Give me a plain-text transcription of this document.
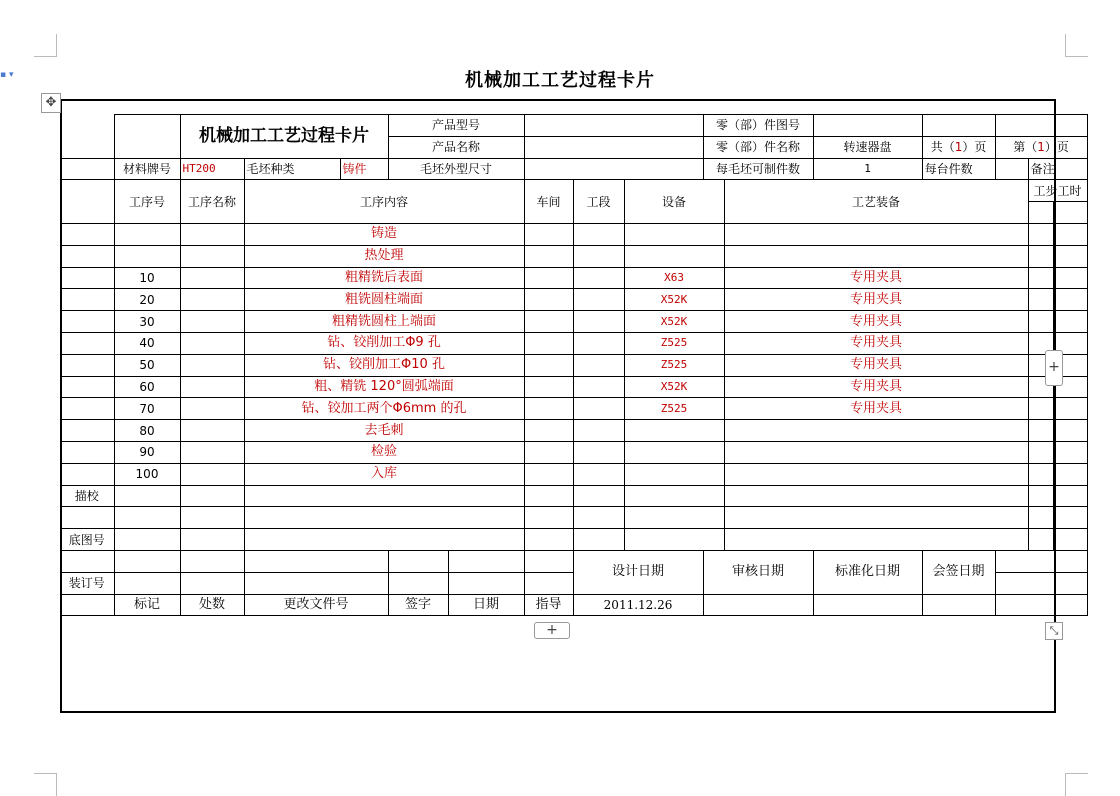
▪ ▾	机械加工工艺过程卡片
✥
		机械加工工艺过程卡片			产品型号					零（部）件图号							
					产品名称					零（部）件名称		转速器盘	共（1）页	第（1）页			
	材料牌号	HT200	毛坯种类	铸件	毛坯外型尺寸					每毛坯可制件数		1	每台件数		备注		
	工序号	工序名称	工序内容				车间	工段	设备		工艺装备				工步工时		

			铸造														
			热处理														
	10		粗精铣后表面						X63		专用夹具						
	20		粗铣圆柱端面						X52K		专用夹具						
	30		粗精铣圆柱上端面						X52K		专用夹具						
	40		钻、铰削加工Φ9 孔						Z525		专用夹具						
	50		钻、铰削加工Φ10 孔						Z525		专用夹具						
	60		粗、精铣 120°圆弧端面						X52K		专用夹具						
	70		钻、铰加工两个Φ6mm 的孔						Z525		专用夹具						
	80		去毛刺														
	90		检验														
	100		入库														
描校																	

底图号																	
								设计日期		审核日期		标准化日期	会签日期				
装订号																	
	标记	处数	更改文件号		签字	日期	指导	2011.12.26									
+
+	⤡
